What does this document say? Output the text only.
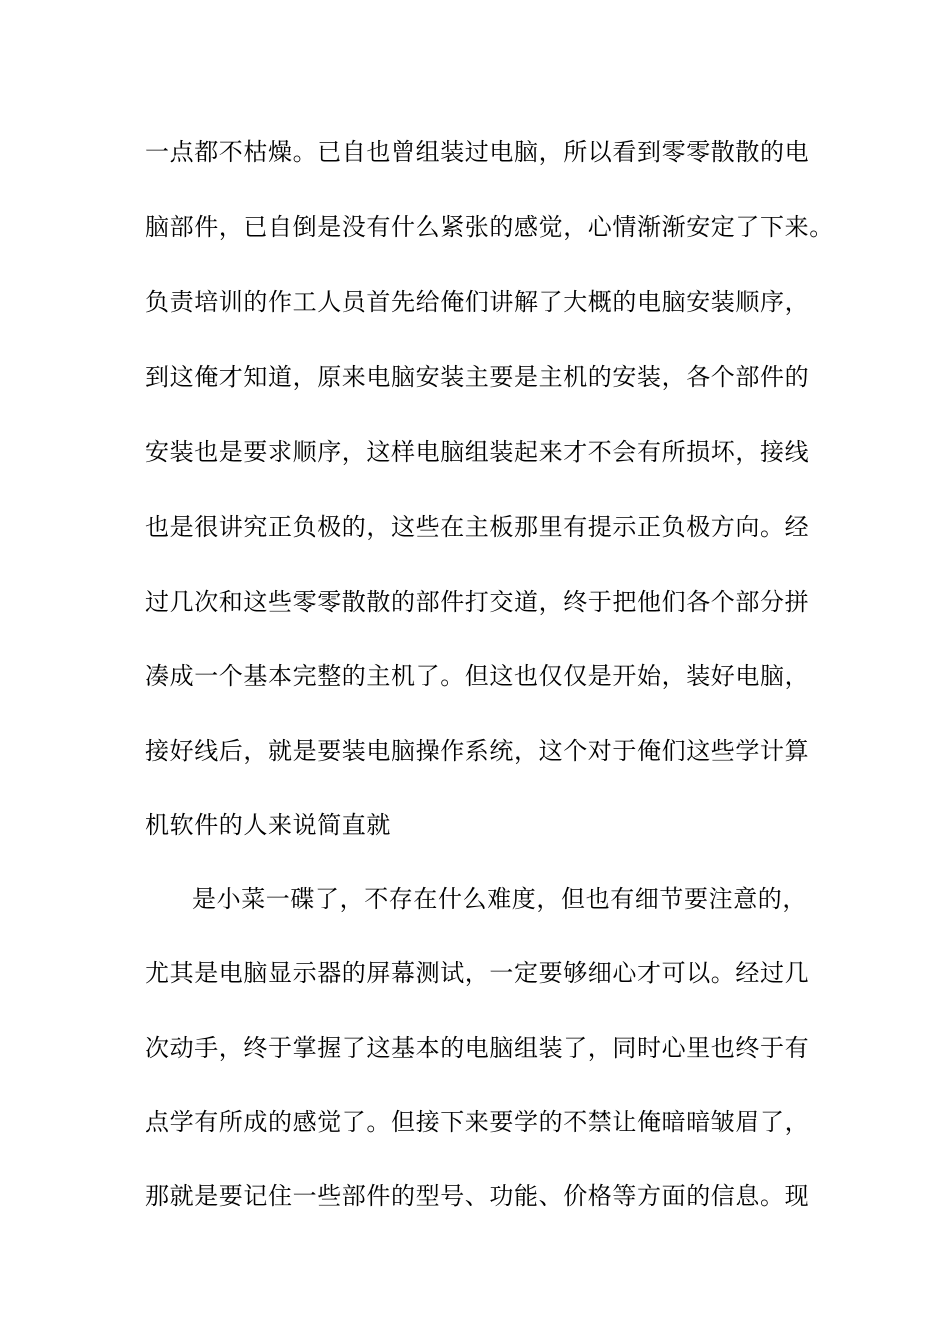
一点都不枯燥。已自也曾组装过电脑，所以看到零零散散的电
脑部件，已自倒是没有什么紧张的感觉，心情渐渐安定了下来。
负责培训的作工人员首先给俺们讲解了大概的电脑安装顺序，
到这俺才知道，原来电脑安装主要是主机的安装，各个部件的
安装也是要求顺序，这样电脑组装起来才不会有所损坏，接线
也是很讲究正负极的，这些在主板那里有提示正负极方向。经
过几次和这些零零散散的部件打交道，终于把他们各个部分拼
凑成一个基本完整的主机了。但这也仅仅是开始，装好电脑，
接好线后，就是要装电脑操作系统，这个对于俺们这些学计算
机软件的人来说简直就
是小菜一碟了，不存在什么难度，但也有细节要注意的，
尤其是电脑显示器的屏幕测试，一定要够细心才可以。经过几
次动手，终于掌握了这基本的电脑组装了，同时心里也终于有
点学有所成的感觉了。但接下来要学的不禁让俺暗暗皱眉了，
那就是要记住一些部件的型号、功能、价格等方面的信息。现
